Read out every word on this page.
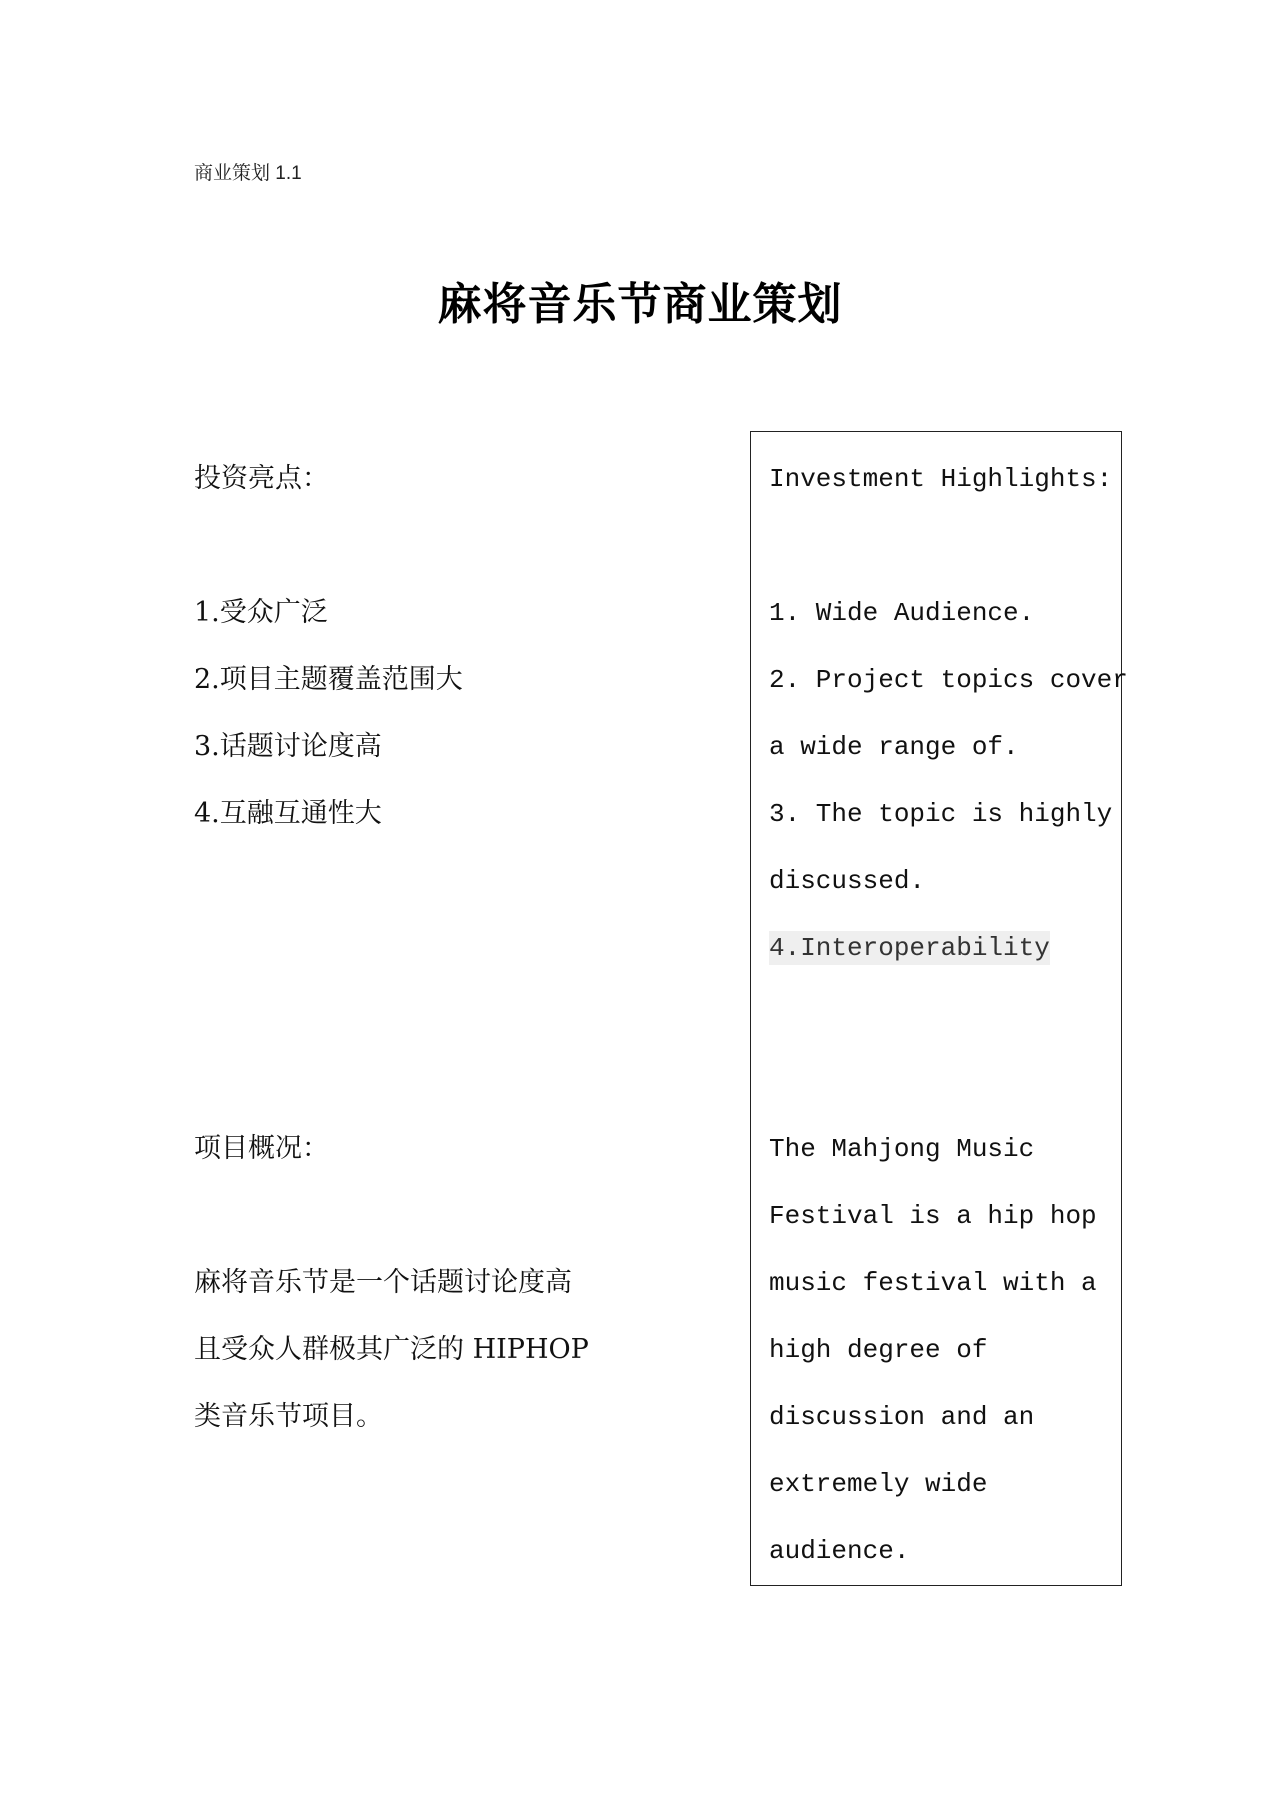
商业策划 1.1
麻将音乐节商业策划
投资亮点：
1.受众广泛
2.项目主题覆盖范围大
3.话题讨论度高
4.互融互通性大
项目概况：
麻将音乐节是一个话题讨论度高
且受众人群极其广泛的 HIPHOP
类音乐节项目。
Investment Highlights:
1. Wide Audience.
2. Project topics cover
a wide range of.
3. The topic is highly
discussed.
4.Interoperability
The Mahjong Music
Festival is a hip hop
music festival with a
high degree of
discussion and an
extremely wide
audience.
